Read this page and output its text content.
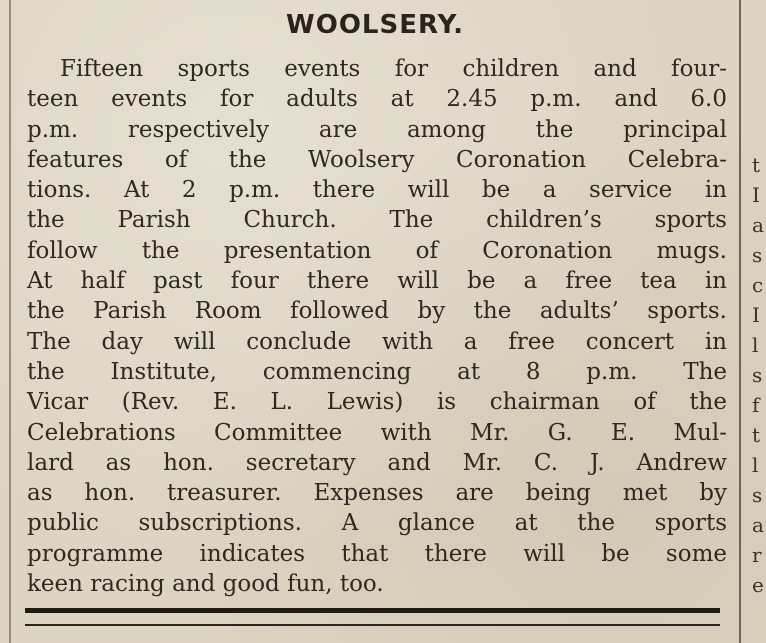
WOOLSERY.
Fifteen sports events for children and four-
teen events for adults at 2.45 p.m. and 6.0
p.m. respectively are among the principal
features of the Woolsery Coronation Celebra-
tions. At 2 p.m. there will be a service in
the Parish Church. The children’s sports
follow the presentation of Coronation mugs.
At half past four there will be a free tea in
the Parish Room followed by the adults’ sports.
The day will conclude with a free concert in
the Institute, commencing at 8 p.m. The
Vicar (Rev. E. L. Lewis) is chairman of the
Celebrations Committee with Mr. G. E. Mul-
lard as hon. secretary and Mr. C. J. Andrew
as hon. treasurer. Expenses are being met by
public subscriptions. A glance at the sports
programme indicates that there will be some
keen racing and good fun, too.
t
I
a
s
c
I
l
s
f
t
l
s
a
r
e
